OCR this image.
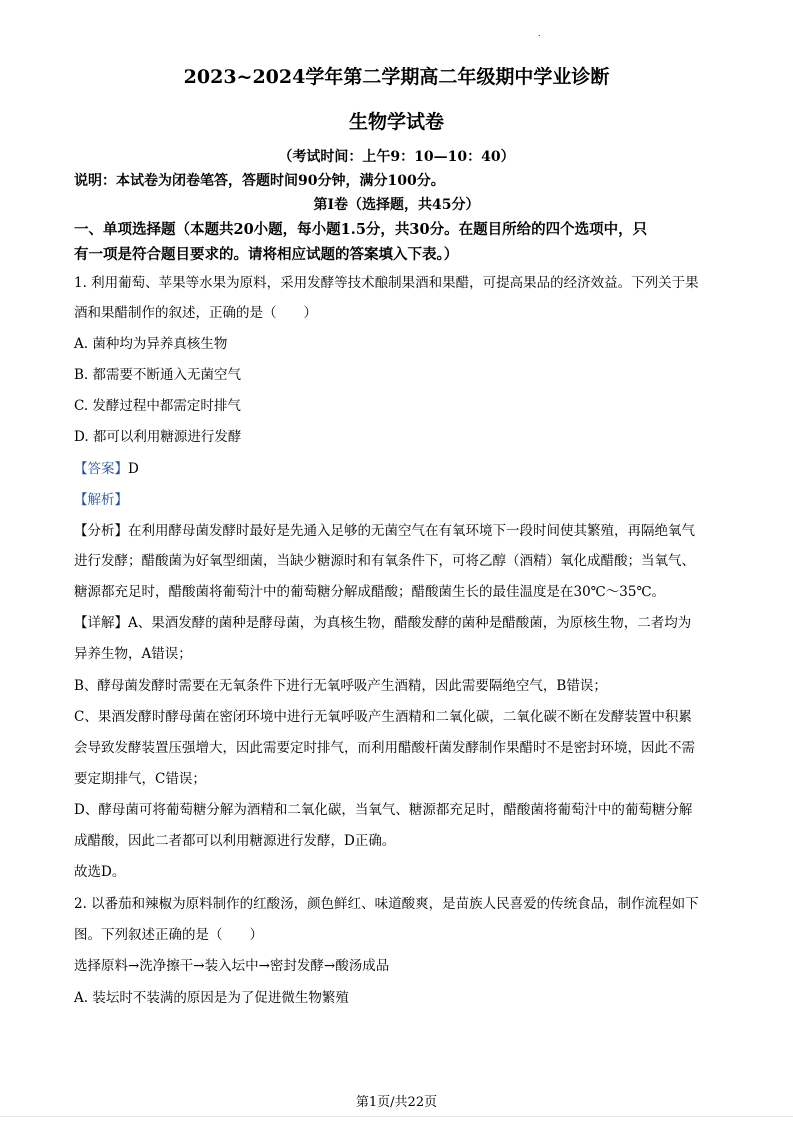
.
2023~2024学年第二学期高二年级期中学业诊断
生物学试卷
（考试时间：上午9：10—10：40）
说明：本试卷为闭卷笔答，答题时间90分钟，满分100分。
第Ⅰ卷（选择题，共45分）
一、单项选择题（本题共20小题，每小题1.5分，共30分。在题目所给的四个选项中，只
有一项是符合题目要求的。请将相应试题的答案填入下表。）
1. 利用葡萄、苹果等水果为原料，采用发酵等技术酿制果酒和果醋，可提高果品的经济效益。下列关于果
酒和果醋制作的叙述，正确的是（　　）
A. 菌种均为异养真核生物
B. 都需要不断通入无菌空气
C. 发酵过程中都需定时排气
D. 都可以利用糖源进行发酵
【答案】D
【解析】
【分析】在利用酵母菌发酵时最好是先通入足够的无菌空气在有氧环境下一段时间使其繁殖，再隔绝氧气
进行发酵；醋酸菌为好氧型细菌，当缺少糖源时和有氧条件下，可将乙醇（酒精）氧化成醋酸；当氧气、
糖源都充足时，醋酸菌将葡萄汁中的葡萄糖分解成醋酸；醋酸菌生长的最佳温度是在30℃～35℃。
【详解】A、果酒发酵的菌种是酵母菌，为真核生物，醋酸发酵的菌种是醋酸菌，为原核生物，二者均为
异养生物，A错误；
B、酵母菌发酵时需要在无氧条件下进行无氧呼吸产生酒精，因此需要隔绝空气，B错误；
C、果酒发酵时酵母菌在密闭环境中进行无氧呼吸产生酒精和二氧化碳，二氧化碳不断在发酵装置中积累
会导致发酵装置压强增大，因此需要定时排气，而利用醋酸杆菌发酵制作果醋时不是密封环境，因此不需
要定期排气，C错误；
D、酵母菌可将葡萄糖分解为酒精和二氧化碳，当氧气、糖源都充足时，醋酸菌将葡萄汁中的葡萄糖分解
成醋酸，因此二者都可以利用糖源进行发酵，D正确。
故选D。
2. 以番茄和辣椒为原料制作的红酸汤，颜色鲜红、味道酸爽，是苗族人民喜爱的传统食品，制作流程如下
图。下列叙述正确的是（　　）
选择原料→洗净擦干→装入坛中→密封发酵→酸汤成品
A. 装坛时不装满的原因是为了促进微生物繁殖
第1页/共22页
